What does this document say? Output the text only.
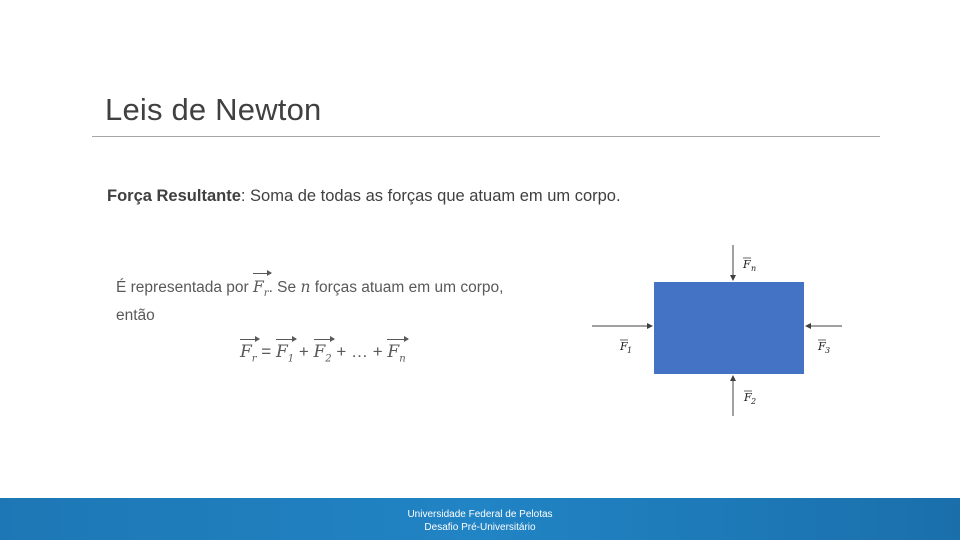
Leis de Newton
Força Resultante: Soma de todas as forças que atuam em um corpo.
É representada por $F_r$. Se n forças atuam em um corpo, então
$F_r = F_1 + F_2$ + … + $F_n$
F n
F 1	F 3
F 2
Universidade Federal de Pelotas
Desafio Pré-Universitário
